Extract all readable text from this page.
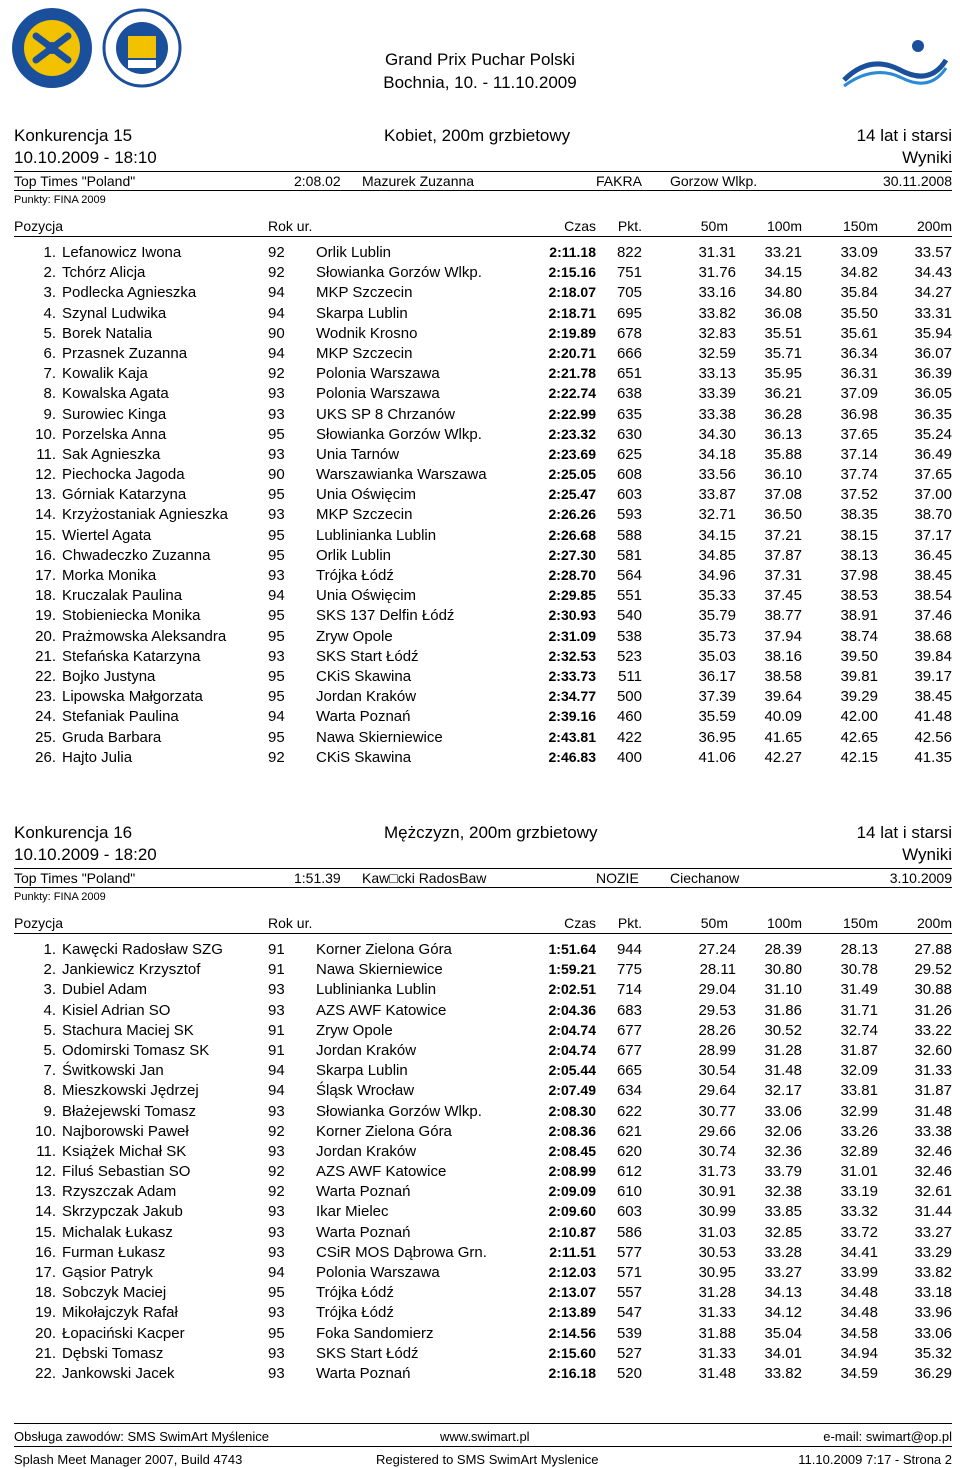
Grand Prix Puchar Polski
Bochnia, 10. - 11.10.2009
Konkurencja 15	Kobiet, 200m grzbietowy	14 lat i starsi
10.10.2009 - 18:10	Wyniki
Top Times "Poland"	2:08.02 Mazurek Zuzanna	FAKRA Gorzow Wlkp.	30.11.2008
Punkty: FINA 2009
Pozycja	Rok ur.	Czas Pkt.	50m	100m	150m	200m
1. Lefanowicz Iwona	92 Orlik Lublin	2:11.18 822	31.31 33.21	33.09 33.57
2. Tchórz Alicja	92 Słowianka Gorzów Wlkp.	2:15.16 751	31.76 34.15	34.82 34.43
3. Podlecka Agnieszka	94 MKP Szczecin	2:18.07 705	33.16 34.80	35.84 34.27
4. Szynal Ludwika	94 Skarpa Lublin	2:18.71 695	33.82 36.08	35.50 33.31
5. Borek Natalia	90 Wodnik Krosno	2:19.89 678	32.83 35.51	35.61 35.94
6. Przasnek Zuzanna	94 MKP Szczecin	2:20.71 666	32.59 35.71	36.34 36.07
7. Kowalik Kaja	92 Polonia Warszawa	2:21.78 651	33.13 35.95	36.31 36.39
8. Kowalska Agata	93 Polonia Warszawa	2:22.74 638	33.39 36.21	37.09 36.05
9. Surowiec Kinga	93 UKS SP 8 Chrzanów	2:22.99 635	33.38 36.28	36.98 36.35
10. Porzelska Anna	95 Słowianka Gorzów Wlkp.	2:23.32 630	34.30 36.13	37.65 35.24
11. Sak Agnieszka	93 Unia Tarnów	2:23.69 625	34.18 35.88	37.14 36.49
12. Piechocka Jagoda	90 Warszawianka Warszawa	2:25.05 608	33.56 36.10	37.74 37.65
13. Górniak Katarzyna	95 Unia Oświęcim	2:25.47 603	33.87 37.08	37.52 37.00
14. Krzyżostaniak Agnieszka	93 MKP Szczecin	2:26.26 593	32.71 36.50	38.35 38.70
15. Wiertel Agata	95 Lublinianka Lublin	2:26.68 588	34.15 37.21	38.15 37.17
16. Chwadeczko Zuzanna	95 Orlik Lublin	2:27.30 581	34.85 37.87	38.13 36.45
17. Morka Monika	93 Trójka Łódź	2:28.70 564	34.96 37.31	37.98 38.45
18. Kruczalak Paulina	94 Unia Oświęcim	2:29.85 551	35.33 37.45	38.53 38.54
19. Stobieniecka Monika	95 SKS 137 Delfin Łódź	2:30.93 540	35.79 38.77	38.91 37.46
20. Prażmowska Aleksandra	95 Zryw Opole	2:31.09 538	35.73 37.94	38.74 38.68
21. Stefańska Katarzyna	93 SKS Start Łódź	2:32.53 523	35.03 38.16	39.50 39.84
22. Bojko Justyna	95 CKiS Skawina	2:33.73 511	36.17 38.58	39.81 39.17
23. Lipowska Małgorzata	95 Jordan Kraków	2:34.77 500	37.39 39.64	39.29 38.45
24. Stefaniak Paulina	94 Warta Poznań	2:39.16 460	35.59 40.09	42.00 41.48
25. Gruda Barbara	95 Nawa Skierniewice	2:43.81 422	36.95 41.65	42.65 42.56
26. Hajto Julia	92 CKiS Skawina	2:46.83 400	41.06 42.27	42.15 41.35
Konkurencja 16	Mężczyzn, 200m grzbietowy	14 lat i starsi
10.10.2009 - 18:20	Wyniki
Top Times "Poland"	1:51.39 Kaw□cki RadosBaw	NOZIE Ciechanow	3.10.2009
Punkty: FINA 2009
Pozycja	Rok ur.	Czas Pkt.	50m	100m	150m	200m
1. Kawęcki Radosław SZG	91 Korner Zielona Góra	1:51.64 944	27.24 28.39	28.13 27.88
2. Jankiewicz Krzysztof	91 Nawa Skierniewice	1:59.21 775	28.11 30.80	30.78 29.52
3. Dubiel Adam	93 Lublinianka Lublin	2:02.51 714	29.04 31.10	31.49 30.88
4. Kisiel Adrian SO	93 AZS AWF Katowice	2:04.36 683	29.53 31.86	31.71 31.26
5. Stachura Maciej SK	91 Zryw Opole	2:04.74 677	28.26 30.52	32.74 33.22
5. Odomirski Tomasz SK	91 Jordan Kraków	2:04.74 677	28.99 31.28	31.87 32.60
7. Świtkowski Jan	94 Skarpa Lublin	2:05.44 665	30.54 31.48	32.09 31.33
8. Mieszkowski Jędrzej	94 Śląsk Wrocław	2:07.49 634	29.64 32.17	33.81 31.87
9. Błażejewski Tomasz	93 Słowianka Gorzów Wlkp.	2:08.30 622	30.77 33.06	32.99 31.48
10. Najborowski Paweł	92 Korner Zielona Góra	2:08.36 621	29.66 32.06	33.26 33.38
11. Książek Michał SK	93 Jordan Kraków	2:08.45 620	30.74 32.36	32.89 32.46
12. Filuś Sebastian SO	92 AZS AWF Katowice	2:08.99 612	31.73 33.79	31.01 32.46
13. Rzyszczak Adam	92 Warta Poznań	2:09.09 610	30.91 32.38	33.19 32.61
14. Skrzypczak Jakub	93 Ikar Mielec	2:09.60 603	30.99 33.85	33.32 31.44
15. Michalak Łukasz	93 Warta Poznań	2:10.87 586	31.03 32.85	33.72 33.27
16. Furman Łukasz	93 CSiR MOS Dąbrowa Grn.	2:11.51 577	30.53 33.28	34.41 33.29
17. Gąsior Patryk	94 Polonia Warszawa	2:12.03 571	30.95 33.27	33.99 33.82
18. Sobczyk Maciej	95 Trójka Łódź	2:13.07 557	31.28 34.13	34.48 33.18
19. Mikołajczyk Rafał	93 Trójka Łódź	2:13.89 547	31.33 34.12	34.48 33.96
20. Łopaciński Kacper	95 Foka Sandomierz	2:14.56 539	31.88 35.04	34.58 33.06
21. Dębski Tomasz	93 SKS Start Łódź	2:15.60 527	31.33 34.01	34.94 35.32
22. Jankowski Jacek	93 Warta Poznań	2:16.18 520	31.48 33.82	34.59 36.29
Obsługa zawodów: SMS SwimArt Myślenice	www.swimart.pl	e-mail: swimart@op.pl
Splash Meet Manager 2007, Build 4743	Registered to SMS SwimArt Myslenice	11.10.2009 7:17 - Strona 2
